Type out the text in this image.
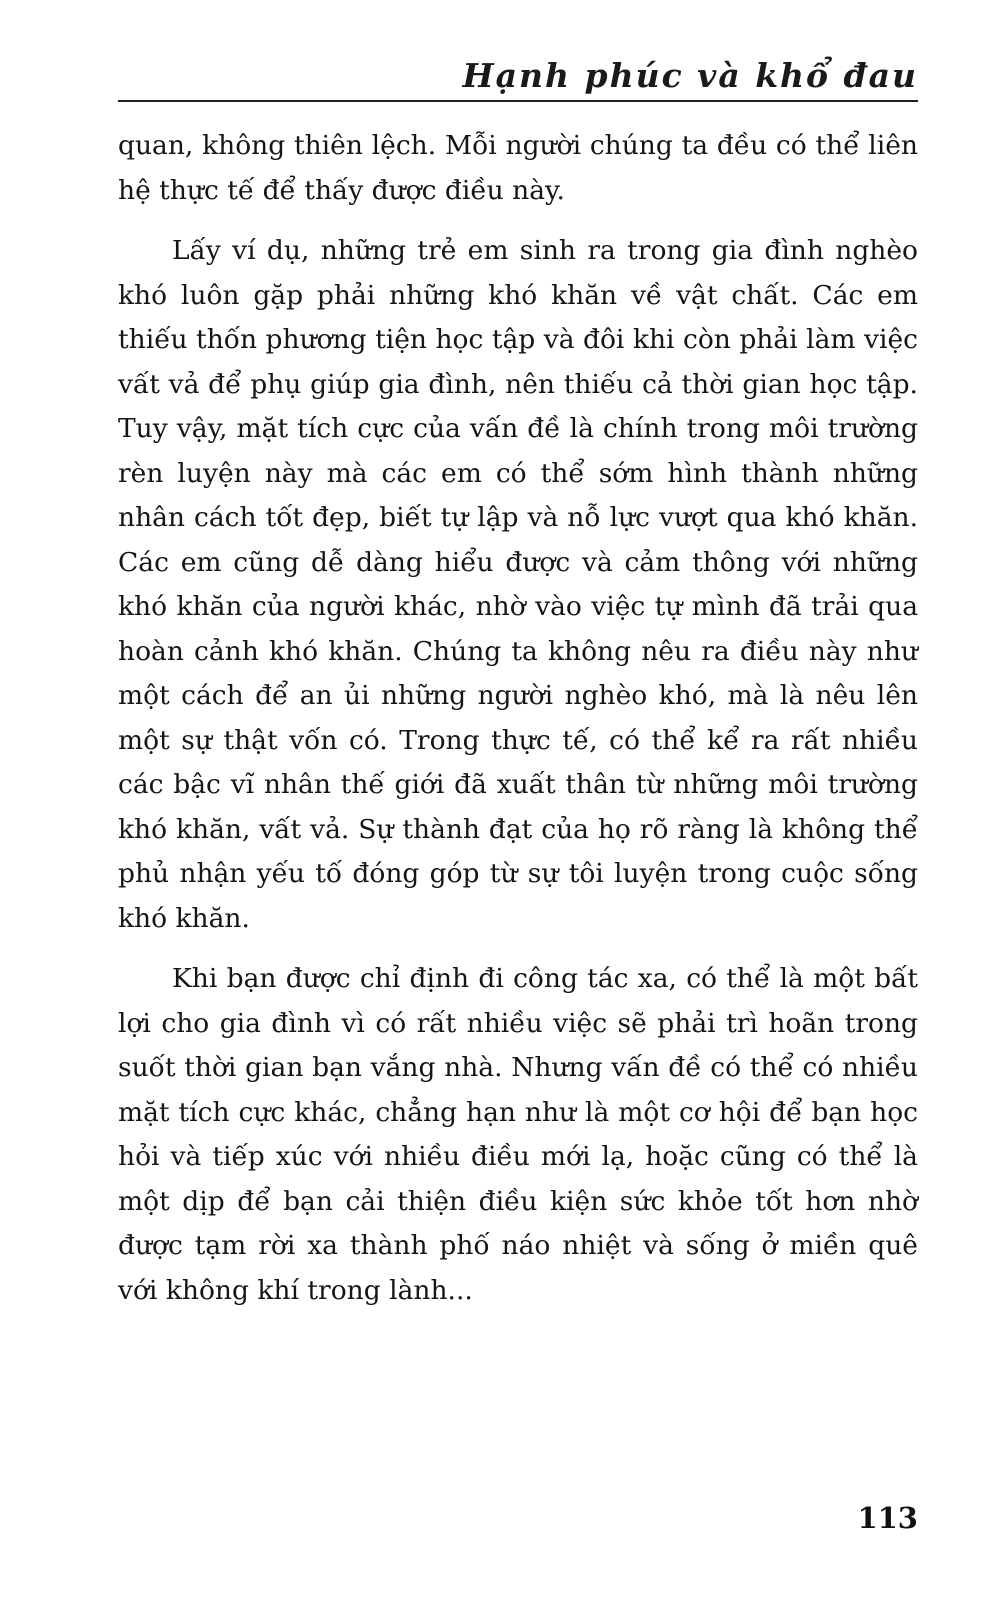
Hạnh phúc và khổ đau

quan, không thiên lệch. Mỗi người chúng ta đều có thể liên hệ thực tế để thấy được điều này.

Lấy ví dụ, những trẻ em sinh ra trong gia đình nghèo khó luôn gặp phải những khó khăn về vật chất. Các em thiếu thốn phương tiện học tập và đôi khi còn phải làm việc vất vả để phụ giúp gia đình, nên thiếu cả thời gian học tập. Tuy vậy, mặt tích cực của vấn đề là chính trong môi trường rèn luyện này mà các em có thể sớm hình thành những nhân cách tốt đẹp, biết tự lập và nỗ lực vượt qua khó khăn. Các em cũng dễ dàng hiểu được và cảm thông với những khó khăn của người khác, nhờ vào việc tự mình đã trải qua hoàn cảnh khó khăn. Chúng ta không nêu ra điều này như một cách để an ủi những người nghèo khó, mà là nêu lên một sự thật vốn có. Trong thực tế, có thể kể ra rất nhiều các bậc vĩ nhân thế giới đã xuất thân từ những môi trường khó khăn, vất vả. Sự thành đạt của họ rõ ràng là không thể phủ nhận yếu tố đóng góp từ sự tôi luyện trong cuộc sống khó khăn.

Khi bạn được chỉ định đi công tác xa, có thể là một bất lợi cho gia đình vì có rất nhiều việc sẽ phải trì hoãn trong suốt thời gian bạn vắng nhà. Nhưng vấn đề có thể có nhiều mặt tích cực khác, chẳng hạn như là một cơ hội để bạn học hỏi và tiếp xúc với nhiều điều mới lạ, hoặc cũng có thể là một dịp để bạn cải thiện điều kiện sức khỏe tốt hơn nhờ được tạm rời xa thành phố náo nhiệt và sống ở miền quê với không khí trong lành...

113
